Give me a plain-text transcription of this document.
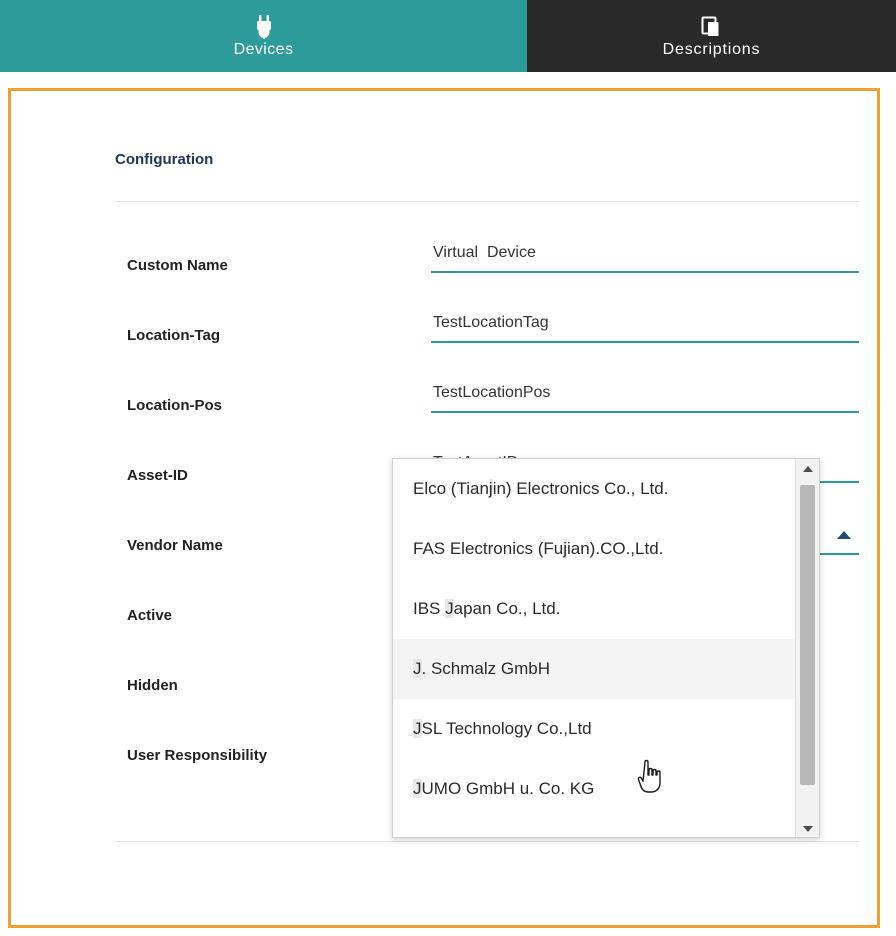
Devices	Descriptions
Configuration
Custom Name
Virtual Device
Location-Tag
TestLocationTag
Location-Pos
TestLocationPos
Asset-ID
TestAssetID
Vendor Name
Active
Hidden
User Responsibility
Elco (Tianjin) Electronics Co., Ltd.
FAS Electronics (Fujian).CO.,Ltd.
IBS Japan Co., Ltd.
J. Schmalz GmbH
JSL Technology Co.,Ltd
JUMO GmbH u. Co. KG
